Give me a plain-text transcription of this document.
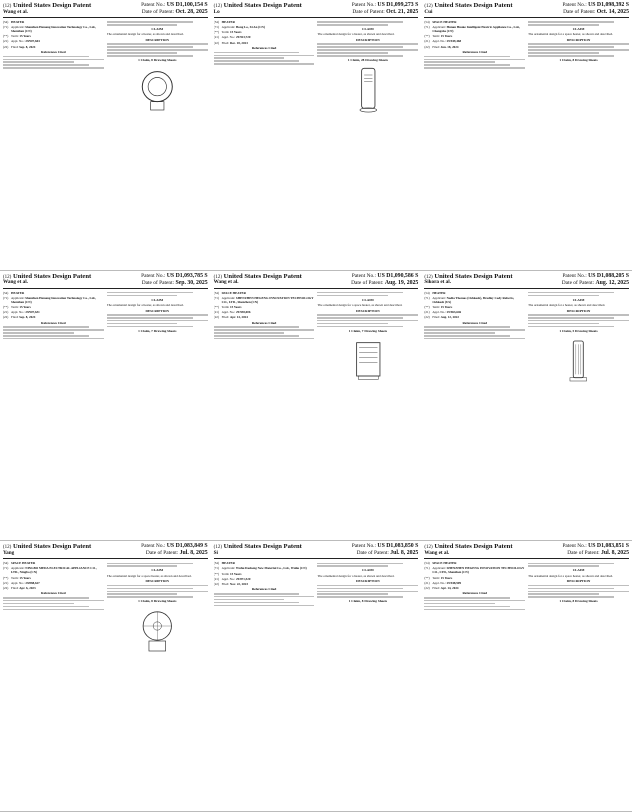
(12) United States Design Patent
Wang et al.
Patent No.: US D1,100,154 S
Date of Patent: Oct. 28, 2025
(54) HEATER
(71) Applicant: Shenzhen Hemeng Innovation Technology Co., Ltd., Shenzhen (CN)
(**) Term: 15 Years
(21) Appl. No.: 29/907,604
(22) Filed: Sep. 8, 2024
References Cited
CLAIM
The ornamental design for a heater, as shown and described.
DESCRIPTION
1 Claim, 8 Drawing Sheets
(12) United States Design Patent
Lo
Patent No.: US D1,099,273 S
Date of Patent: Oct. 21, 2025
(54) HEATER
(71) Applicant: Hong Lo, Xi An (CN)
(**) Term: 15 Years
(21) Appl. No.: 29/923,720
(22) Filed: Dec. 18, 2023
References Cited
CLAIM
The ornamental design for a heater, as shown and described.
DESCRIPTION
1 Claim, 28 Drawing Sheets
(12) United States Design Patent
Cui
Patent No.: US D1,098,392 S
Date of Patent: Oct. 14, 2025
(54) SPACE HEATER
(71) Applicant: Hunan Huake Intelligent Electric Appliance Co., Ltd., Changsha (CN)
(**) Term: 15 Years
(21) Appl. No.: 29/949,468
(22) Filed: Jun. 18, 2024
References Cited
CLAIM
The ornamental design for a space heater, as shown and described.
DESCRIPTION
1 Claim, 8 Drawing Sheets
(12) United States Design Patent
Wang et al.
Patent No.: US D1,093,785 S
Date of Patent: Sep. 30, 2025
(54) HEATER
(71) Applicant: Shenzhen Hemeng Innovation Technology Co., Ltd., Shenzhen (CN)
(**) Term: 15 Years
(21) Appl. No.: 29/907,631
(22) Filed: Sep. 8, 2024
References Cited
CLAIM
The ornamental design for a heater, as shown and described.
DESCRIPTION
1 Claim, 7 Drawing Sheets
(12) United States Design Patent
Wang et al.
Patent No.: US D1,090,586 S
Date of Patent: Aug. 19, 2025
(54) SPACE HEATER
(71) Applicant: SHENZHEN HEGENG INNOVATION TECHNOLOGY CO., LTD., Shenzhen (CN)
(**) Term: 15 Years
(21) Appl. No.: 29/938,006
(22) Filed: Apr. 14, 2024
References Cited
CLAIM
The ornamental design for a space heater, as shown and described.
DESCRIPTION
1 Claim, 7 Drawing Sheets
(12) United States Design Patent
Sikora et al.
Patent No.: US D1,088,205 S
Date of Patent: Aug. 12, 2025
(54) HEATER
(71) Applicant: Nadia Thomas (Oshkosh), Bradley Cody Roberts, Oshkosh (US)
(**) Term: 15 Years
(21) Appl. No.: 29/963,646
(22) Filed: Aug. 12, 2022
References Cited
CLAIM
The ornamental design for a heater, as shown and described.
DESCRIPTION
1 Claim, 5 Drawing Sheets
(12) United States Design Patent
Yang
Patent No.: US D1,083,849 S
Date of Patent: Jul. 8, 2025
(54) SPACE HEATER
(71) Applicant: NINGBO MEDA ELECTRICAL APPLIANCE CO., LTD., Ningbo (CN)
(**) Term: 15 Years
(21) Appl. No.: 29/888,627
(22) Filed: Apr. 6, 2023
References Cited
CLAIM
The ornamental design for a space heater, as shown and described.
DESCRIPTION
1 Claim, 8 Drawing Sheets
(12) United States Design Patent
Si
Patent No.: US D1,083,850 S
Date of Patent: Jul. 8, 2025
(54) HEATER
(71) Applicant: Wuhu Dasheng New Material Co., Ltd., Wuhu (CN)
(**) Term: 15 Years
(21) Appl. No.: 29/871,520
(22) Filed: Nov. 22, 2023
References Cited
CLAIM
The ornamental design for a heater, as shown and described.
DESCRIPTION
1 Claim, 8 Drawing Sheets
(12) United States Design Patent
Wang et al.
Patent No.: US D1,083,851 S
Date of Patent: Jul. 8, 2025
(54) SPACE HEATER
(71) Applicant: SHENZHEN HEGENG INNOVATION TECHNOLOGY CO., LTD., Shenzhen (CN)
(**) Term: 15 Years
(21) Appl. No.: 29/948,909
(22) Filed: Apr. 14, 2024
References Cited
CLAIM
The ornamental design for a space heater, as shown and described.
DESCRIPTION
1 Claim, 8 Drawing Sheets
